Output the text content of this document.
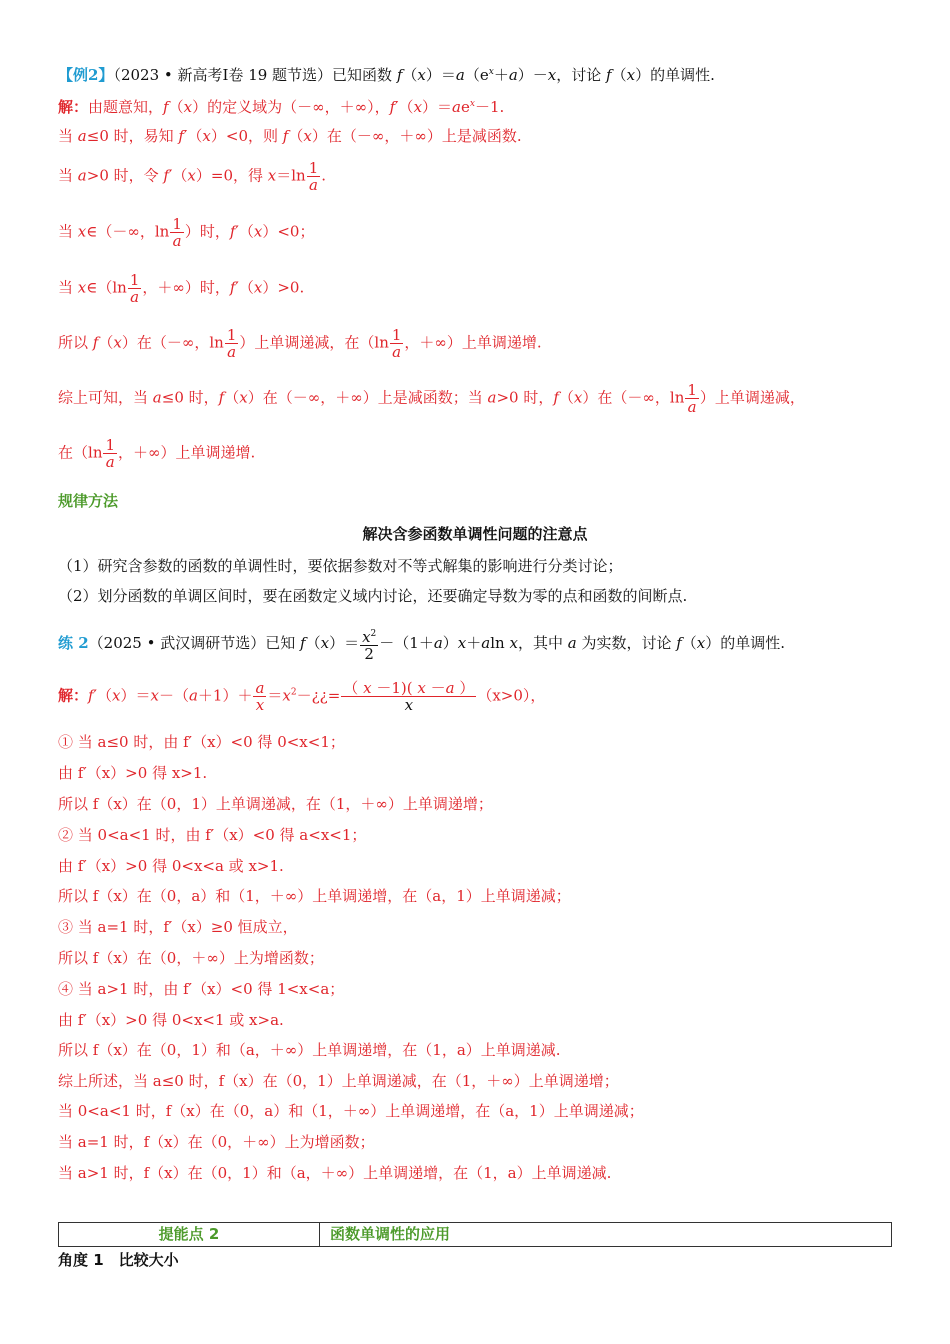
【例2】（2023 • 新高考Ⅰ卷 19 题节选）已知函数 $f(x)=a(e^x+a)-x$，讨论 f（x）的单调性.
解：由题意知，f（x）的定义域为（－∞，＋∞），$f'(x)=ae^x-1$.
当 a≤0 时，易知 f′（x）<0，则 f（x）在（－∞，＋∞）上是减函数.
当 a>0 时，令 f′（x）=0，得 $x=\ln \frac{1}{a}$ .
当 x∈（－∞，$\ln \frac{1}{a}$ ）时，f′（x）<0；
当 x∈（ln $\frac{1}{a}$ ，＋∞）时，f′（x）>0.
所以 f（x）在（－∞，$\ln \frac{1}{a}$ ）上单调递减，在（$\ln \frac{1}{a}$ ，＋∞）上单调递增.
综上可知，当 a≤0 时，f（x）在（－∞，＋∞）上是减函数；当 a>0 时，f（x）在（－∞，$\ln \frac{1}{a}$ ）上单调递减，
在（$\ln \frac{1}{a}$ ，＋∞）上单调递增.
规律方法
解决含参函数单调性问题的注意点
（1）研究含参数的函数的单调性时，要依据参数对不等式解集的影响进行分类讨论；
（2）划分函数的单调区间时，要在函数定义域内讨论，还要确定导数为零的点和函数的间断点.
练 2（2025 • 武汉调研节选）已知 $f(x)= \frac{x^2}{2} -(1+a)x+aln$ x，其中 a 为实数，讨论 f（x）的单调性.
解：$f'(x)=x-(a+1)+ \frac{a}{x}$ $=x^2-¿¿= \frac{( x -1)( x -a )}{x} (x>0)$，
① 当 a≤0 时，由 f′（x）<0 得 0<x<1；
由 f′（x）>0 得 x>1.
所以 f（x）在（0，1）上单调递减，在（1，＋∞）上单调递增；
② 当 0<a<1 时，由 f′（x）<0 得 a<x<1；
由 f′（x）>0 得 0<x<a 或 x>1.
所以 f（x）在（0，a）和（1，＋∞）上单调递增，在（a，1）上单调递减；
③ 当 a=1 时，f′（x）≥0 恒成立，
所以 f（x）在（0，＋∞）上为增函数；
④ 当 a>1 时，由 f′（x）<0 得 1<x<a；
由 f′（x）>0 得 0<x<1 或 x>a.
所以 f（x）在（0，1）和（a，＋∞）上单调递增，在（1，a）上单调递减.
综上所述，当 a≤0 时，f（x）在（0，1）上单调递减，在（1，＋∞）上单调递增；
当 0<a<1 时，f（x）在（0，a）和（1，＋∞）上单调递增，在（a，1）上单调递减；
当 a=1 时，f（x）在（0，＋∞）上为增函数；
当 a>1 时，f（x）在（0，1）和（a，＋∞）上单调递增，在（1，a）上单调递减.
提能点 2	函数单调性的应用
角度 1　比较大小
